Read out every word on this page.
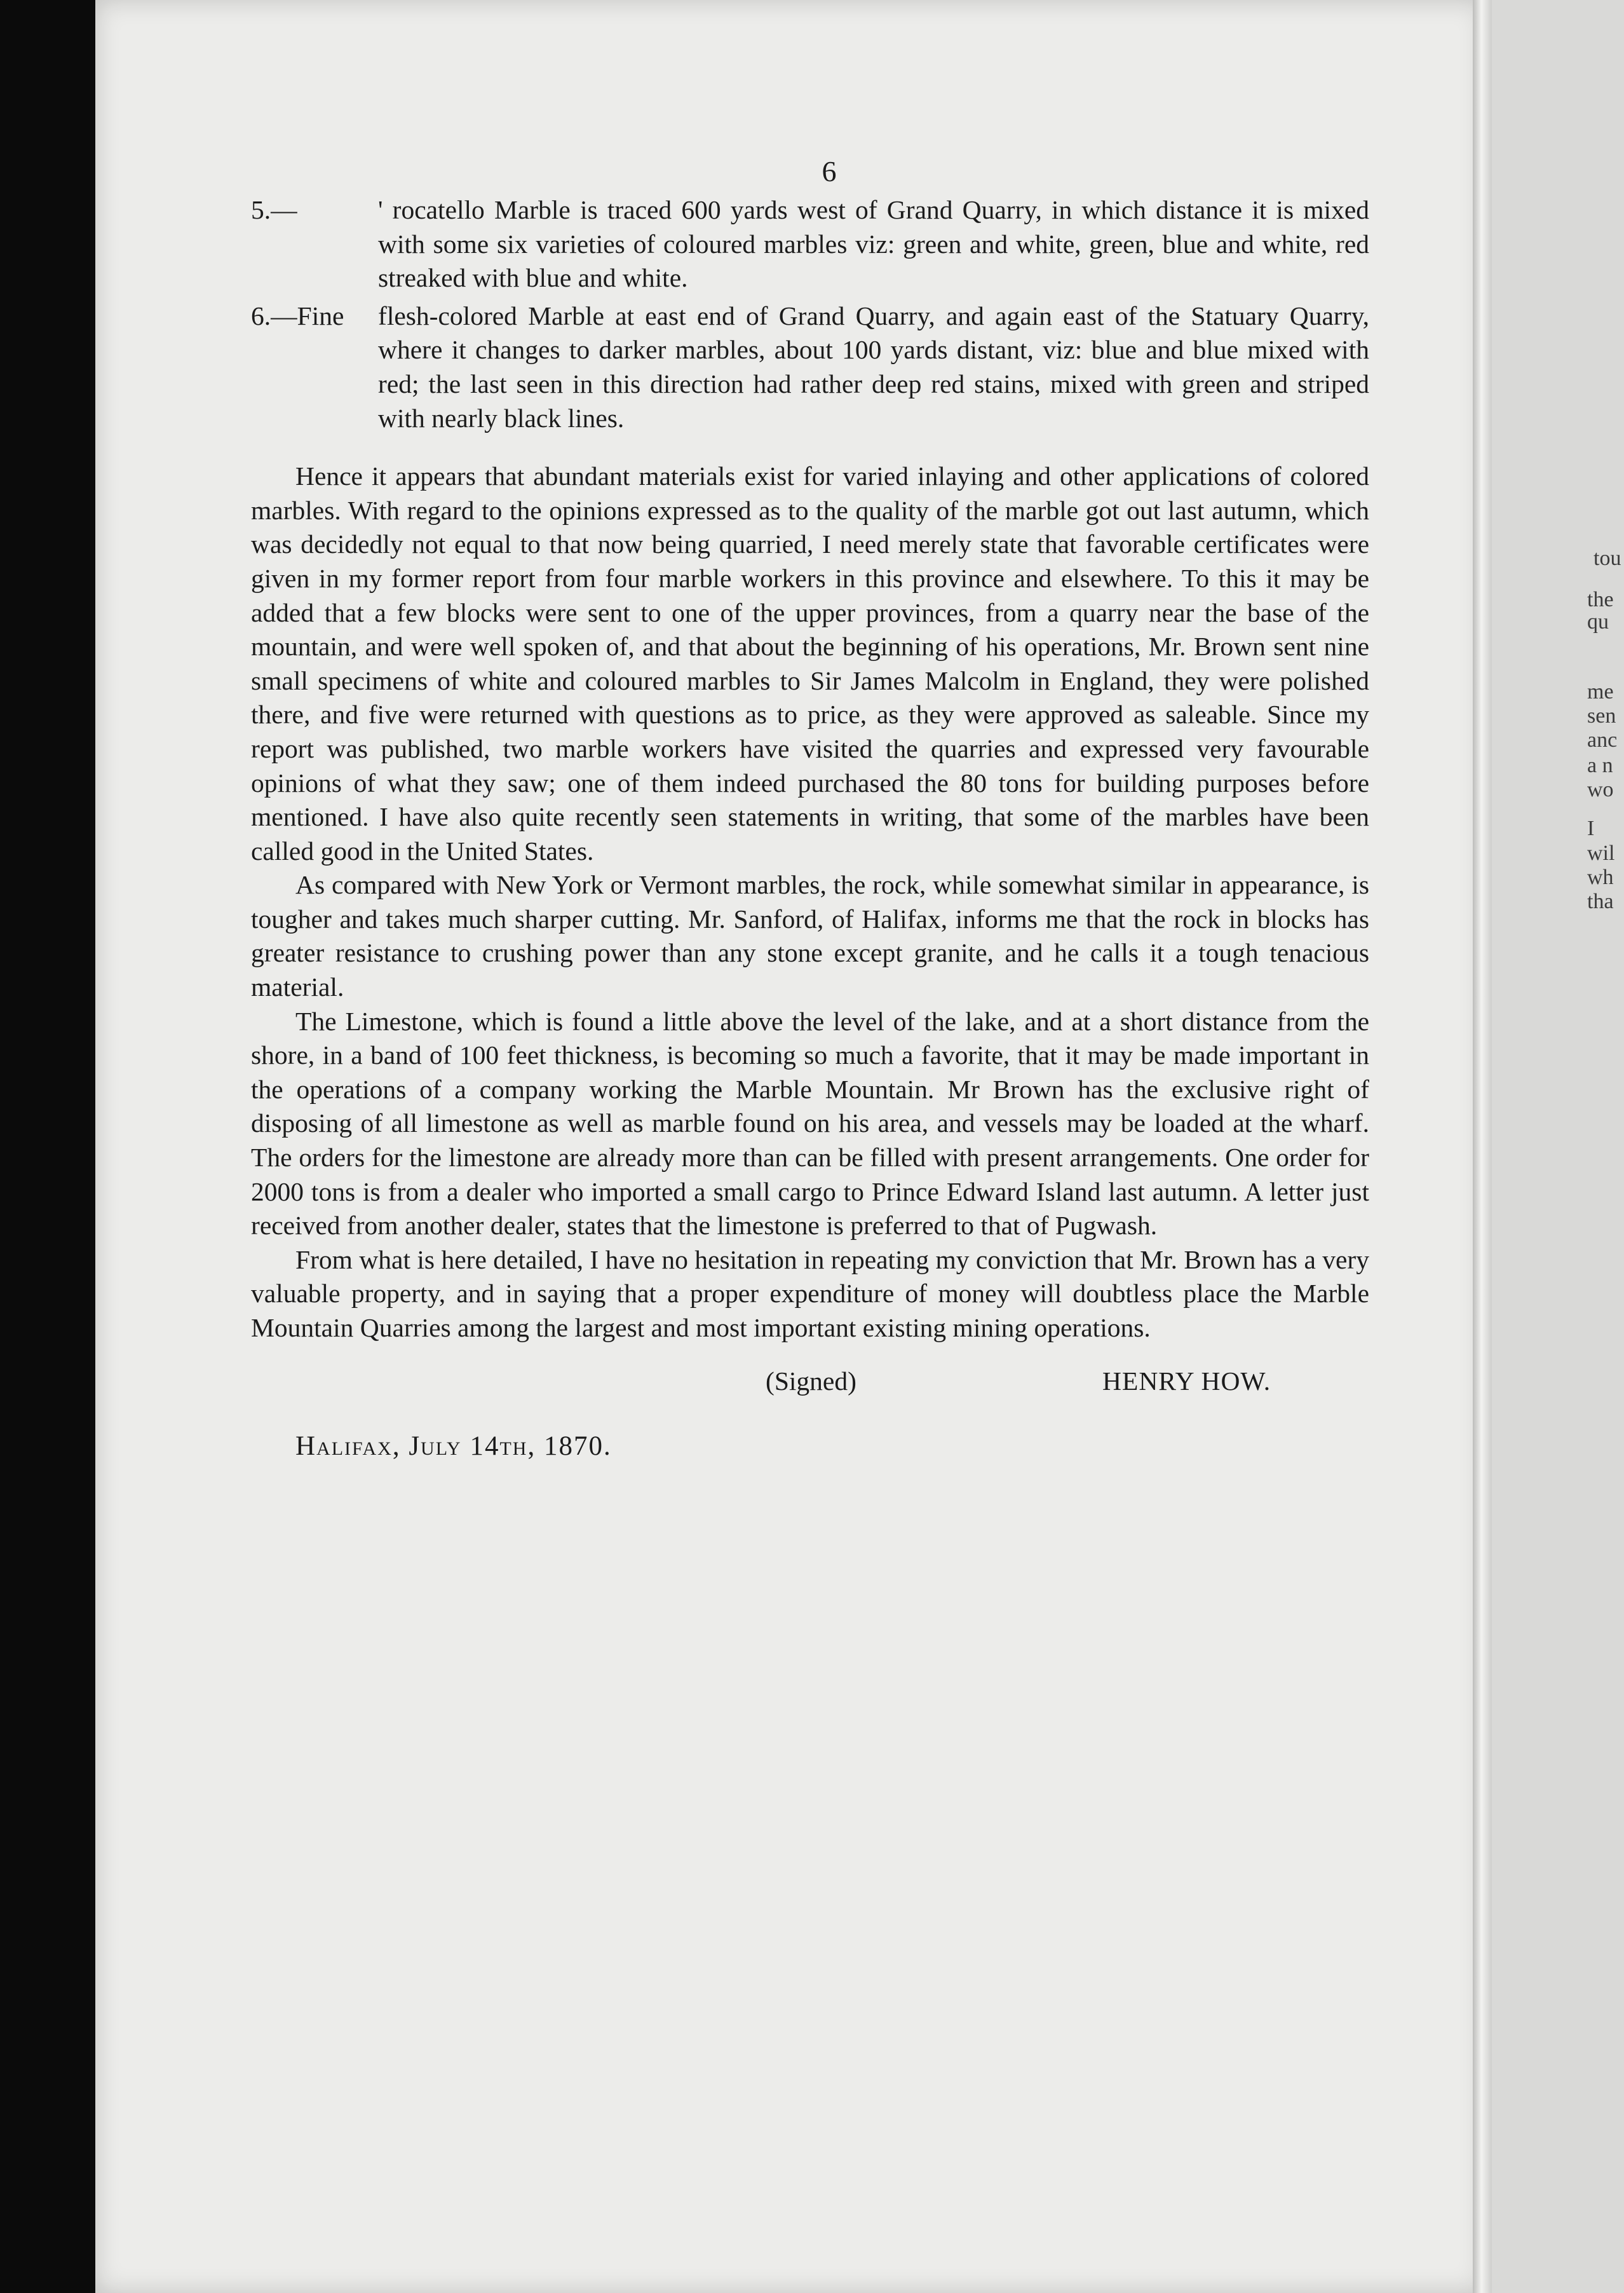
tou
the
qu
me
sen
anc
a n
wo
I
wil
wh
tha
6
5.—	' rocatello Marble is traced 600 yards west of Grand Quarry, in which distance it is mixed with some six varieties of coloured marbles viz: green and white, green, blue and white, red streaked with blue and white.
6.—Fine flesh-colored Marble at east end of Grand Quarry, and again east of the Statuary Quarry, where it changes to darker marbles, about 100 yards distant, viz: blue and blue mixed with red; the last seen in this direction had rather deep red stains, mixed with green and striped with nearly black lines.

Hence it appears that abundant materials exist for varied inlaying and other applications of colored marbles. With regard to the opinions expressed as to the quality of the marble got out last autumn, which was decidedly not equal to that now being quarried, I need merely state that favorable certificates were given in my former report from four marble workers in this province and elsewhere. To this it may be added that a few blocks were sent to one of the upper provinces, from a quarry near the base of the mountain, and were well spoken of, and that about the beginning of his operations, Mr. Brown sent nine small specimens of white and coloured marbles to Sir James Malcolm in England, they were polished there, and five were returned with questions as to price, as they were approved as saleable. Since my report was published, two marble workers have visited the quarries and expressed very favourable opinions of what they saw; one of them indeed purchased the 80 tons for building purposes before mentioned. I have also quite recently seen statements in writing, that some of the marbles have been called good in the United States.

As compared with New York or Vermont marbles, the rock, while somewhat similar in appearance, is tougher and takes much sharper cutting. Mr. Sanford, of Halifax, informs me that the rock in blocks has greater resistance to crushing power than any stone except granite, and he calls it a tough tenacious material.

The Limestone, which is found a little above the level of the lake, and at a short distance from the shore, in a band of 100 feet thickness, is becoming so much a favorite, that it may be made important in the operations of a company working the Marble Mountain. Mr Brown has the exclusive right of disposing of all limestone as well as marble found on his area, and vessels may be loaded at the wharf. The orders for the limestone are already more than can be filled with present arrangements. One order for 2000 tons is from a dealer who imported a small cargo to Prince Edward Island last autumn. A letter just received from another dealer, states that the limestone is preferred to that of Pugwash.

From what is here detailed, I have no hesitation in repeating my conviction that Mr. Brown has a very valuable property, and in saying that a proper expenditure of money will doubtless place the Marble Mountain Quarries among the largest and most important existing mining operations.

(Signed)	HENRY HOW.
Halifax, July 14th, 1870.
